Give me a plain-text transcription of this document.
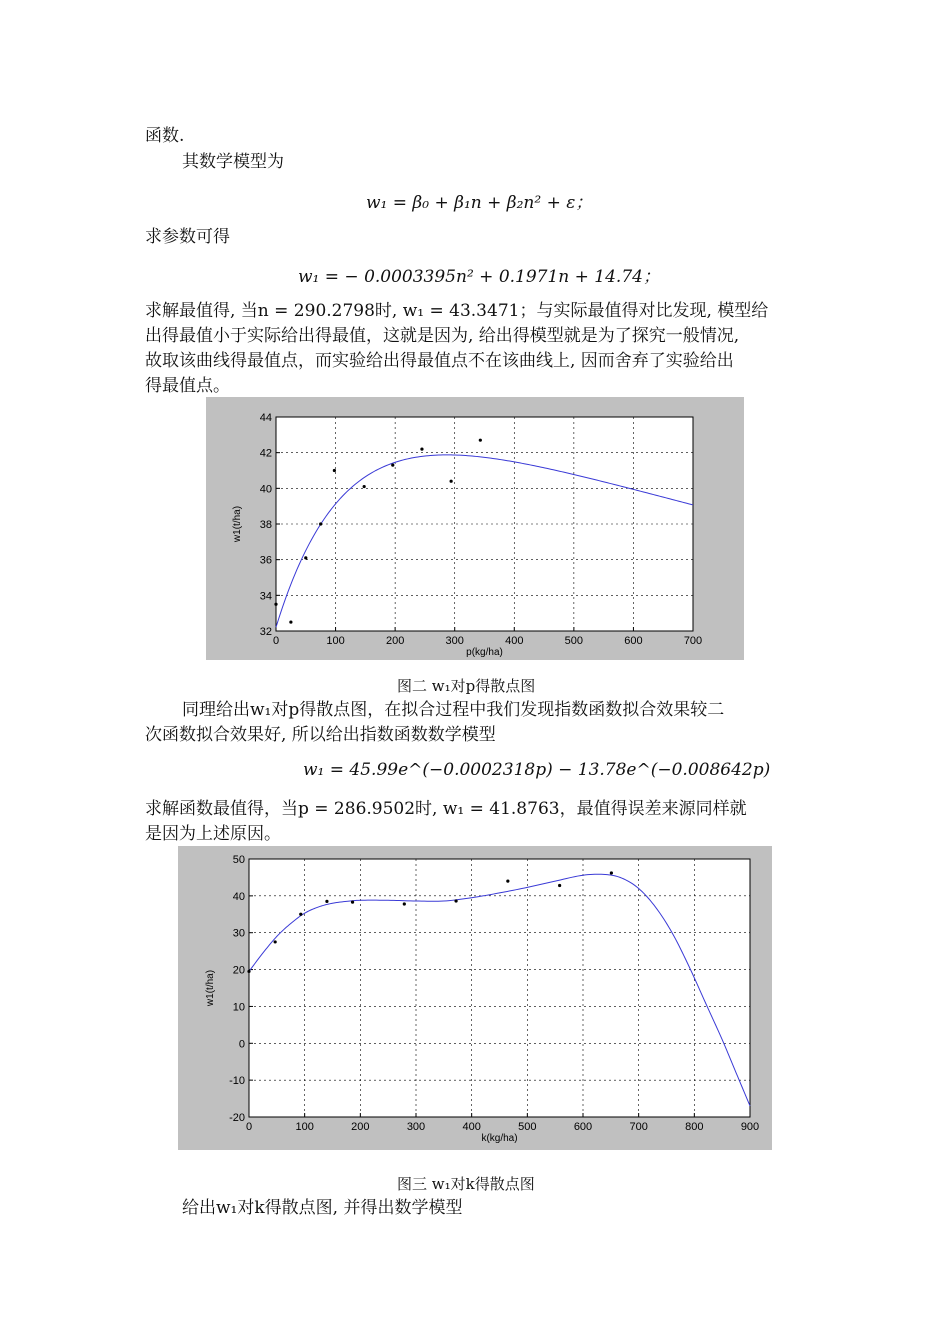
函数.
其数学模型为
w₁ = β₀ + β₁n + β₂n² + ε；
求参数可得
w₁ = − 0.0003395n² + 0.1971n + 14.74；
求解最值得, 当n = 290.2798时, w₁ = 43.3471；与实际最值得对比发现, 模型给
出得最值小于实际给出得最值，这就是因为, 给出得模型就是为了探究一般情况,
故取该曲线得最值点，而实验给出得最值点不在该曲线上, 因而舍弃了实验给出
得最值点。
0	100	200	300	400	500	600	700
32
34
36
38
40
42
44
p(kg/ha)
w1(t/ha)
图二 w₁对p得散点图
同理给出w₁对p得散点图，在拟合过程中我们发现指数函数拟合效果较二
次函数拟合效果好, 所以给出指数函数数学模型
w₁ = 45.99e^(−0.0002318p) − 13.78e^(−0.008642p)
求解函数最值得，当p = 286.9502时, w₁ = 41.8763，最值得误差来源同样就
是因为上述原因。
0	100	200	300	400	500	600	700	800	900
-20
-10
0
10
20
30
40
50
k(kg/ha)
w1(t/ha)
图三 w₁对k得散点图
给出w₁对k得散点图, 并得出数学模型
